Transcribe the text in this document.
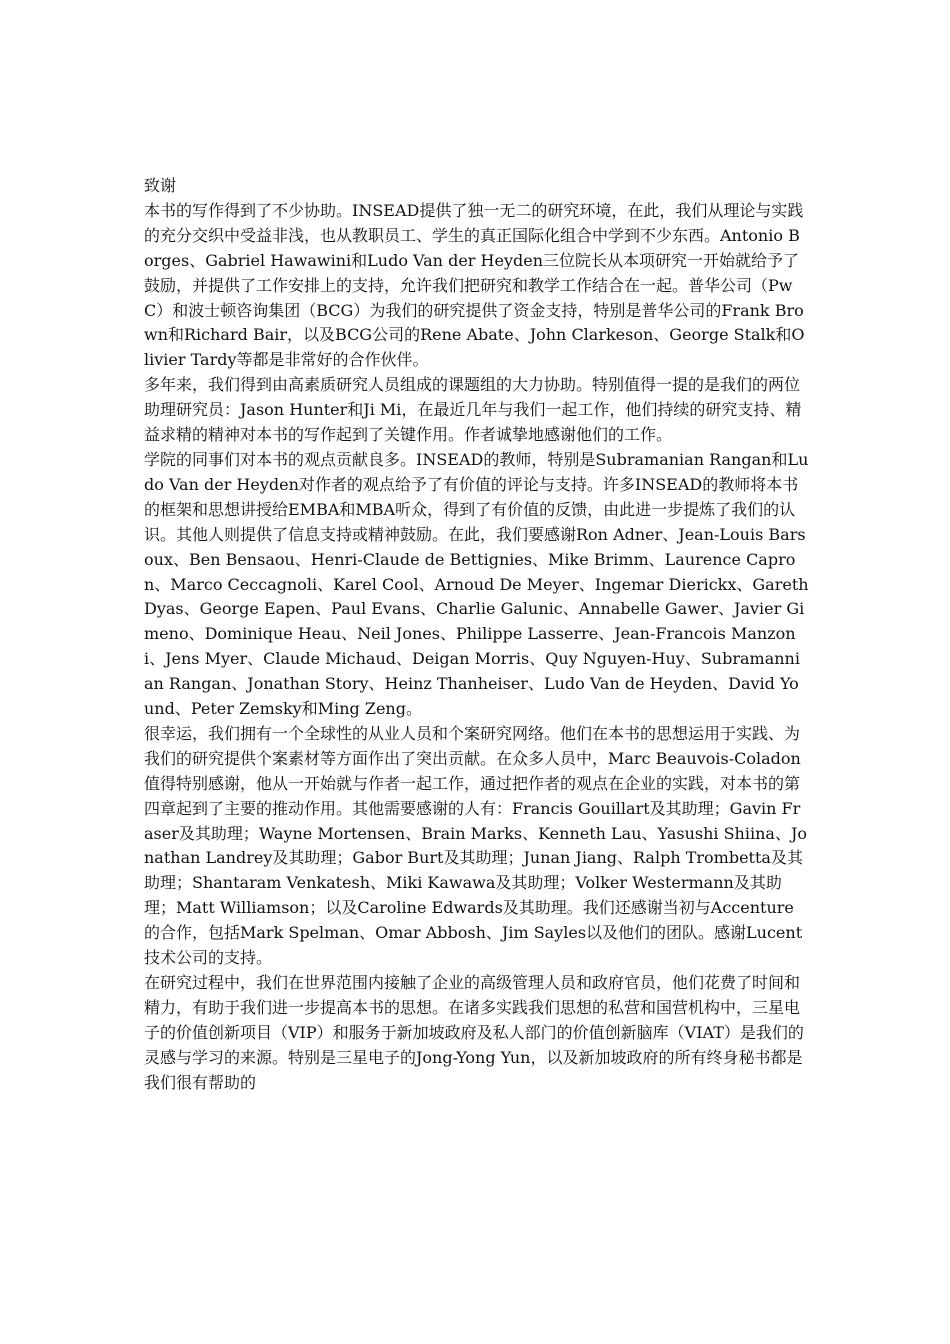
致谢

本书的写作得到了不少协助。INSEAD提供了独一无二的研究环境，在此，我们从理论与实践的充分交织中受益非浅，也从教职员工、学生的真正国际化组合中学到不少东西。Antonio Borges、Gabriel Hawawini和Ludo Van der Heyden三位院长从本项研究一开始就给予了鼓励，并提供了工作安排上的支持，允许我们把研究和教学工作结合在一起。普华公司（PwC）和波士顿咨询集团（BCG）为我们的研究提供了资金支持，特别是普华公司的Frank Brown和Richard Bair，以及BCG公司的Rene Abate、John Clarkeson、George Stalk和Olivier Tardy等都是非常好的合作伙伴。

多年来，我们得到由高素质研究人员组成的课题组的大力协助。特别值得一提的是我们的两位助理研究员：Jason Hunter和Ji Mi，在最近几年与我们一起工作，他们持续的研究支持、精益求精的精神对本书的写作起到了关键作用。作者诚挚地感谢他们的工作。

学院的同事们对本书的观点贡献良多。INSEAD的教师，特别是Subramanian Rangan和Ludo Van der Heyden对作者的观点给予了有价值的评论与支持。许多INSEAD的教师将本书的框架和思想讲授给EMBA和MBA听众，得到了有价值的反馈，由此进一步提炼了我们的认识。其他人则提供了信息支持或精神鼓励。在此，我们要感谢Ron Adner、Jean-Louis Barsoux、Ben Bensaou、Henri-Claude de Bettignies、Mike Brimm、Laurence Capron、Marco Ceccagnoli、Karel Cool、Arnoud De Meyer、Ingemar Dierickx、Gareth Dyas、George Eapen、Paul Evans、Charlie Galunic、Annabelle Gawer、Javier Gimeno、Dominique Heau、Neil Jones、Philippe Lasserre、Jean-Francois Manzoni、Jens Myer、Claude Michaud、Deigan Morris、Quy Nguyen-Huy、Subramannian Rangan、Jonathan Story、Heinz Thanheiser、Ludo Van de Heyden、David Yound、Peter Zemsky和Ming Zeng。

很幸运，我们拥有一个全球性的从业人员和个案研究网络。他们在本书的思想运用于实践、为我们的研究提供个案素材等方面作出了突出贡献。在众多人员中，Marc Beauvois-Coladon值得特别感谢，他从一开始就与作者一起工作，通过把作者的观点在企业的实践，对本书的第四章起到了主要的推动作用。其他需要感谢的人有：Francis Gouillart及其助理；Gavin Fraser及其助理；Wayne Mortensen、Brain Marks、Kenneth Lau、Yasushi Shiina、Jonathan Landrey及其助理；Gabor Burt及其助理；Junan Jiang、Ralph Trombetta及其助理；Shantaram Venkatesh、Miki Kawawa及其助理；Volker Westermann及其助理；Matt Williamson；以及Caroline Edwards及其助理。我们还感谢当初与Accenture的合作，包括Mark Spelman、Omar Abbosh、Jim Sayles以及他们的团队。感谢Lucent技术公司的支持。

在研究过程中，我们在世界范围内接触了企业的高级管理人员和政府官员，他们花费了时间和精力，有助于我们进一步提高本书的思想。在诸多实践我们思想的私营和国营机构中，三星电子的价值创新项目（VIP）和服务于新加坡政府及私人部门的价值创新脑库（VIAT）是我们的灵感与学习的来源。特别是三星电子的Jong-Yong Yun，以及新加坡政府的所有终身秘书都是我们很有帮助的
